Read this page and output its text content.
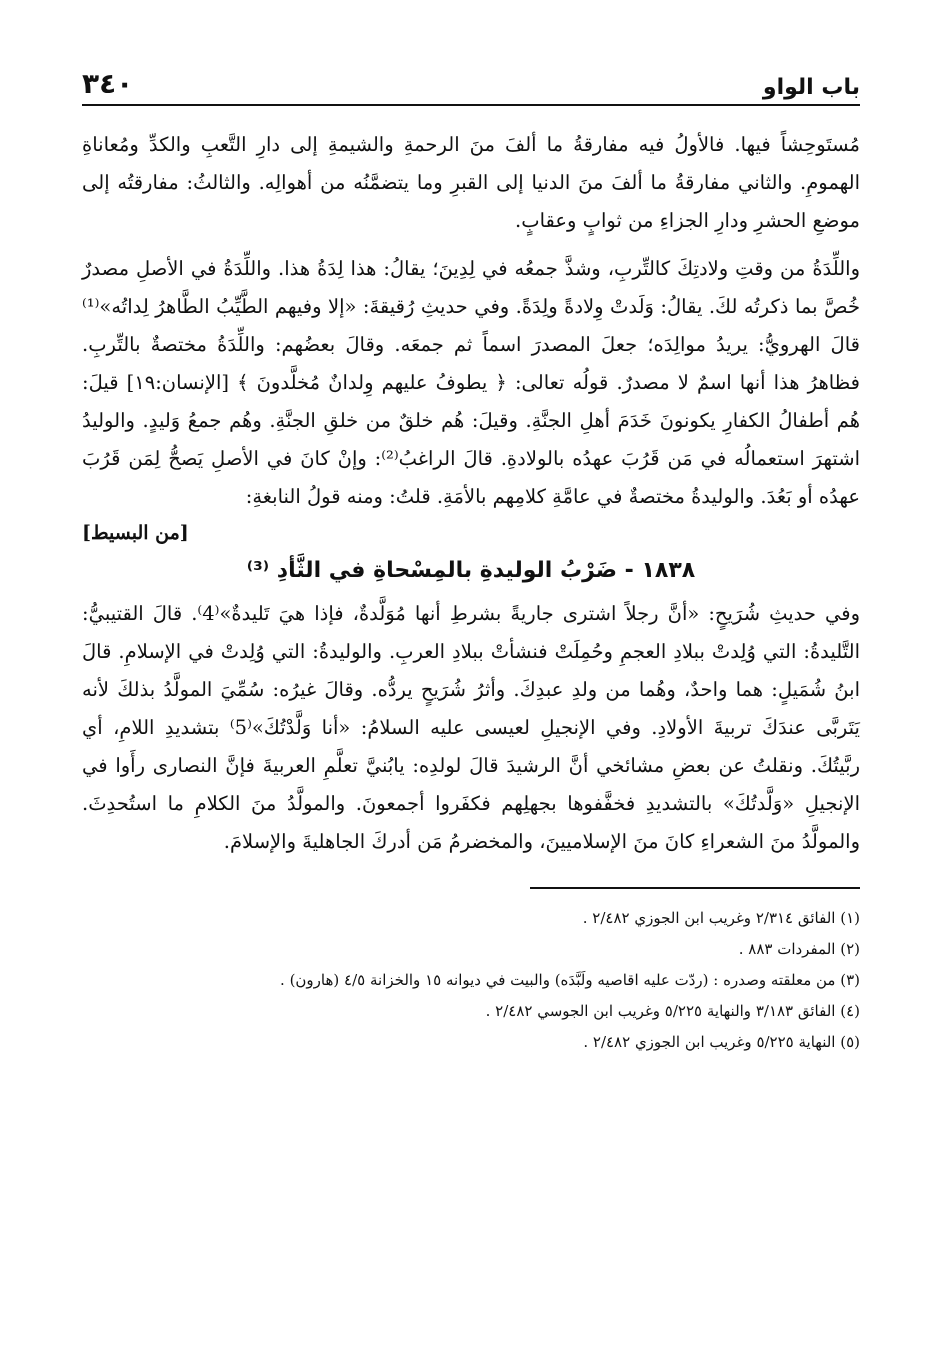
باب الواو
٣٤٠

مُستَوحِشاً فيها. فالأولُ فيه مفارقةُ ما ألفَ منَ الرحمةِ والشيمةِ إلى دارِ التَّعبِ والكدِّ ومُعاناةِ الهمومِ. والثاني مفارقةُ ما ألفَ منَ الدنيا إلى القبرِ وما يتضمَّنُه من أهوالِه. والثالثُ: مفارقتُه إلى موضعِ الحشرِ ودارِ الجزاءِ من ثوابٍ وعقابٍ.

واللِّدَةُ من وقتِ ولادتِكَ كالتِّربِ، وشذَّ جمعُه في لِدِينَ؛ يقالُ: هذا لِدَةُ هذا. واللِّدَةُ في الأصلِ مصدرٌ خُصَّ بما ذكرتُه لكَ. يقالُ: وَلَدتْ وِلادةً ولِدَةً. وفي حديثِ رُقيقةَ: «إلا وفيهم الطَّيِّبُ الطَّاهرُ لِداتُه»⁽¹⁾ قالَ الهرويُّ: يريدُ موالِدَه؛ جعلَ المصدرَ اسماً ثم جمعَه. وقالَ بعضُهم: واللِّدَةُ مختصةٌ بالتِّربِ. فظاهرُ هذا أنها اسمٌ لا مصدرٌ. قولُه تعالى: ﴿ يطوفُ عليهم وِلدانٌ مُخلَّدونَ ﴾ [الإنسان:١٩] قيلَ: هُم أطفالُ الكفارِ يكونونَ خَدَمَ أهلِ الجنَّةِ. وقيلَ: هُم خلقٌ من خلقِ الجنَّةِ. وهُم جمعُ وَليدٍ. والوليدُ اشتهرَ استعمالُه في مَن قَرُبَ عهدُه بالولادةِ. قالَ الراغبُ⁽²⁾: وإنْ كانَ في الأصلِ يَصحُّ لِمَن قَرُبَ عهدُه أو بَعُدَ. والوليدةُ مختصةٌ في عامَّةِ كلامِهم بالأمَةِ. قلتُ: ومنه قولُ النابغةِ:

[من البسيط]
١٨٣٨ - ضَرْبُ الوليدةِ بالمِسْحاةِ في الثَّأدِ ⁽³⁾

وفي حديثِ شُرَيحٍ: «أنَّ رجلاً اشترى جاريةً بشرطِ أنها مُوَلَّدةٌ، فإذا هيَ تَليدةٌ»⁽4⁾. قالَ القتيبيُّ: التَّليدةُ: التي وُلِدتْ ببلادِ العجمِ وحُمِلَتْ فنشأتْ ببلادِ العربِ. والوليدةُ: التي وُلِدتْ في الإسلامِ. قالَ ابنُ شُمَيلٍ: هما واحدٌ، وهُما من ولدِ عبدِكَ. وأثرُ شُرَيحٍ يردُّه. وقالَ غيرُه: سُمِّيَ المولَّدُ بذلكَ لأنه يَتَربَّى عندَكَ تربيةَ الأولادِ. وفي الإنجيلِ لعيسى عليه السلامُ: «أنا وَلَّدْتُكَ»⁽5⁾ بتشديدِ اللامِ، أي ربَّيتُكَ. ونقلتُ عن بعضِ مشائخي أنَّ الرشيدَ قالَ لولدِه: يابُنيَّ تعلَّمِ العربيةَ فإنَّ النصارى رأَوا في الإنجيلِ «وَلَّدتُكَ» بالتشديدِ فخفَّفوها بجهلِهم فكفَروا أجمعونَ. والمولَّدُ منَ الكلامِ ما استُحدِثَ. والمولَّدُ منَ الشعراءِ كانَ منَ الإسلاميينَ، والمخضرمُ مَن أدركَ الجاهليةَ والإسلامَ.

(١) الفائق ٢/٣١٤ وغريب ابن الجوزي ٢/٤٨٢ .
(٢) المفردات ٨٨٣ .
(٣) من معلقته وصدره : (ردّت عليه اقاصيه ولَبَّدَه) والبيت في ديوانه ١٥ والخزانة ٤/٥ (هارون) .
(٤) الفائق ٣/١٨٣ والنهاية ٥/٢٢٥ وغريب ابن الجوسي ٢/٤٨٢ .
(٥) النهاية ٥/٢٢٥ وغريب ابن الجوزي ٢/٤٨٢ .
